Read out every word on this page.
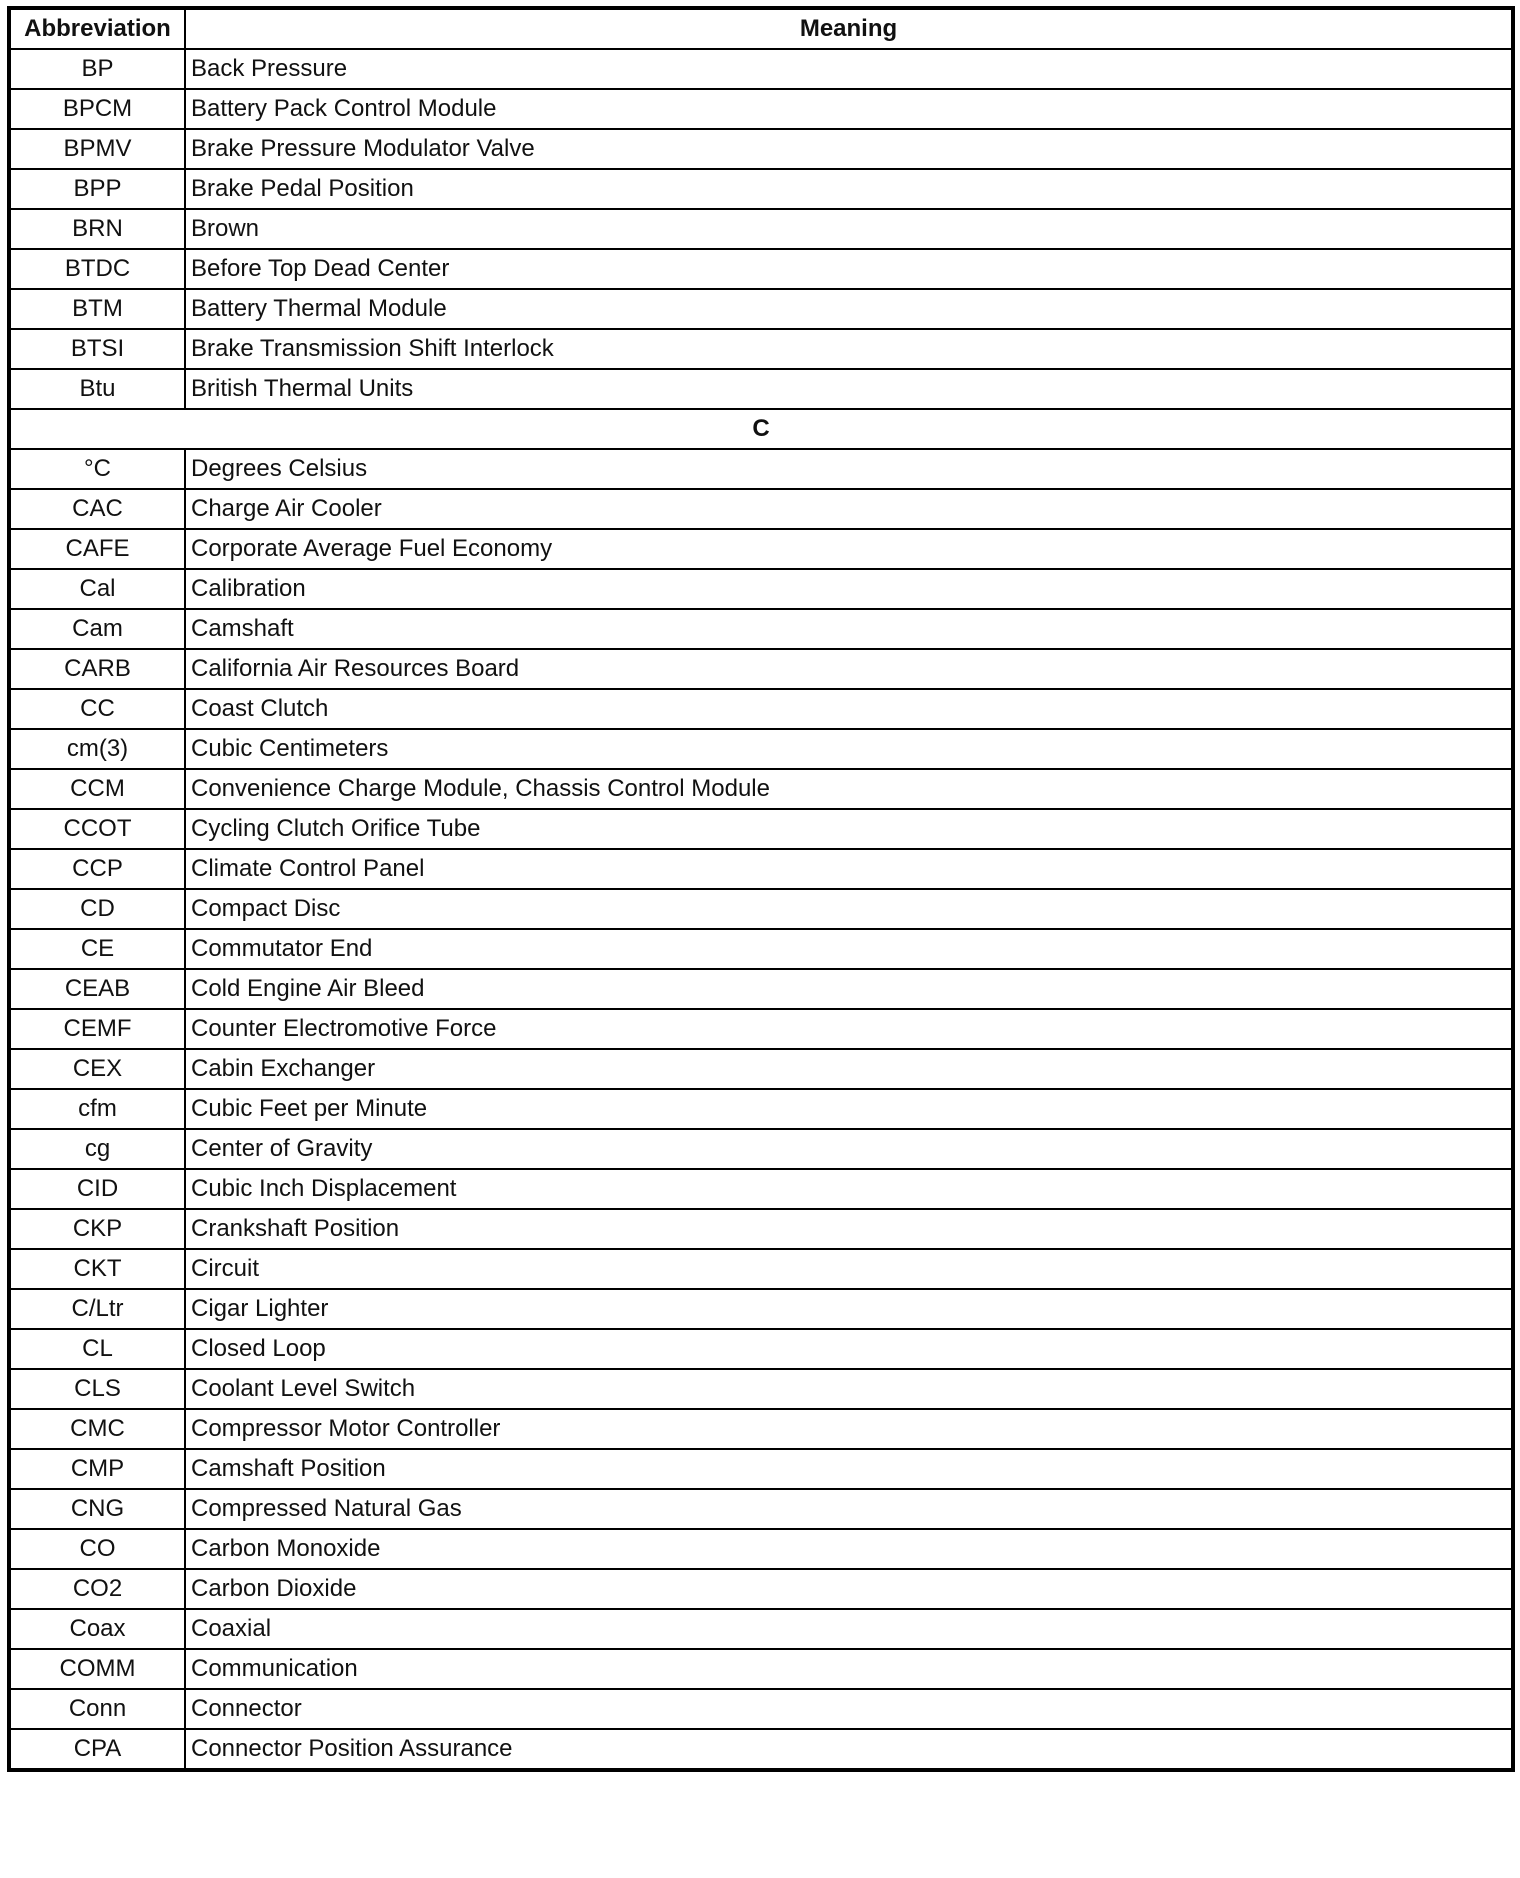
Abbreviation	Meaning
BP	Back Pressure
BPCM	Battery Pack Control Module
BPMV	Brake Pressure Modulator Valve
BPP	Brake Pedal Position
BRN	Brown
BTDC	Before Top Dead Center
BTM	Battery Thermal Module
BTSI	Brake Transmission Shift Interlock
Btu	British Thermal Units
C	
°C	Degrees Celsius
CAC	Charge Air Cooler
CAFE	Corporate Average Fuel Economy
Cal	Calibration
Cam	Camshaft
CARB	California Air Resources Board
CC	Coast Clutch
cm(3)	Cubic Centimeters
CCM	Convenience Charge Module, Chassis Control Module
CCOT	Cycling Clutch Orifice Tube
CCP	Climate Control Panel
CD	Compact Disc
CE	Commutator End
CEAB	Cold Engine Air Bleed
CEMF	Counter Electromotive Force
CEX	Cabin Exchanger
cfm	Cubic Feet per Minute
cg	Center of Gravity
CID	Cubic Inch Displacement
CKP	Crankshaft Position
CKT	Circuit
C/Ltr	Cigar Lighter
CL	Closed Loop
CLS	Coolant Level Switch
CMC	Compressor Motor Controller
CMP	Camshaft Position
CNG	Compressed Natural Gas
CO	Carbon Monoxide
CO2	Carbon Dioxide
Coax	Coaxial
COMM	Communication
Conn	Connector
CPA	Connector Position Assurance
